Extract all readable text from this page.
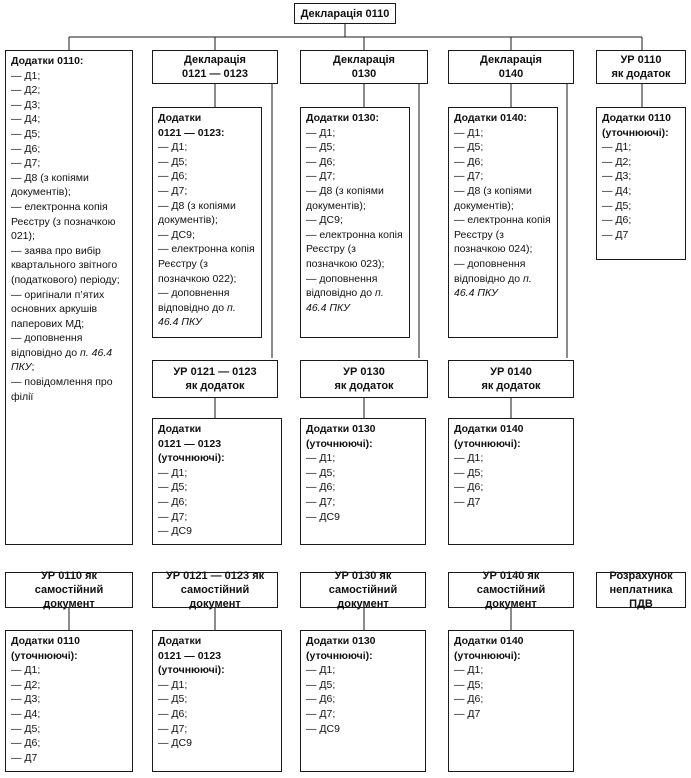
Декларація 0110
Додатки 0110:
— Д1;
— Д2;
— Д3;
— Д4;
— Д5;
— Д6;
— Д7;
— Д8 (з копіями документів);
— електронна копія Реєстру (з позначкою 021);
— заява про вибір квартального звітного (податкового) періоду;
— оригінали п’ятих основних аркушів паперових МД;
— доповнення відповідно до п. 46.4 ПКУ;
— повідомлення про філії
Декларація
0121 — 0123
Декларація
0130
Декларація
0140
УР 0110
як додаток
Додатки
0121 — 0123:
— Д1;
— Д5;
— Д6;
— Д7;
— Д8 (з копіями документів);
— ДС9;
— електронна копія Реєстру (з позначкою 022);
— доповнення відповідно до п. 46.4 ПКУ
Додатки 0130:
— Д1;
— Д5;
— Д6;
— Д7;
— Д8 (з копіями документів);
— ДС9;
— електронна копія Реєстру (з позначкою 023);
— доповнення відповідно до п. 46.4 ПКУ
Додатки 0140:
— Д1;
— Д5;
— Д6;
— Д7;
— Д8 (з копіями документів);
— електронна копія Реєстру (з позначкою 024);
— доповнення відповідно до п. 46.4 ПКУ
Додатки 0110
(уточнюючі):
— Д1;
— Д2;
— Д3;
— Д4;
— Д5;
— Д6;
— Д7
УР 0121 — 0123
як додаток
УР 0130
як додаток
УР 0140
як додаток
Додатки
0121 — 0123
(уточнюючі):
— Д1;
— Д5;
— Д6;
— Д7;
— ДС9
Додатки 0130
(уточнюючі):
— Д1;
— Д5;
— Д6;
— Д7;
— ДС9
Додатки 0140
(уточнюючі):
— Д1;
— Д5;
— Д6;
— Д7
УР 0110 як
самостійний документ
УР 0121 — 0123 як
самостійний документ
УР 0130 як
самостійний документ
УР 0140 як
самостійний документ
Розрахунок
неплатника ПДВ
Додатки 0110
(уточнюючі):
— Д1;
— Д2;
— Д3;
— Д4;
— Д5;
— Д6;
— Д7
Додатки
0121 — 0123
(уточнюючі):
— Д1;
— Д5;
— Д6;
— Д7;
— ДС9
Додатки 0130
(уточнюючі):
— Д1;
— Д5;
— Д6;
— Д7;
— ДС9
Додатки 0140
(уточнюючі):
— Д1;
— Д5;
— Д6;
— Д7
